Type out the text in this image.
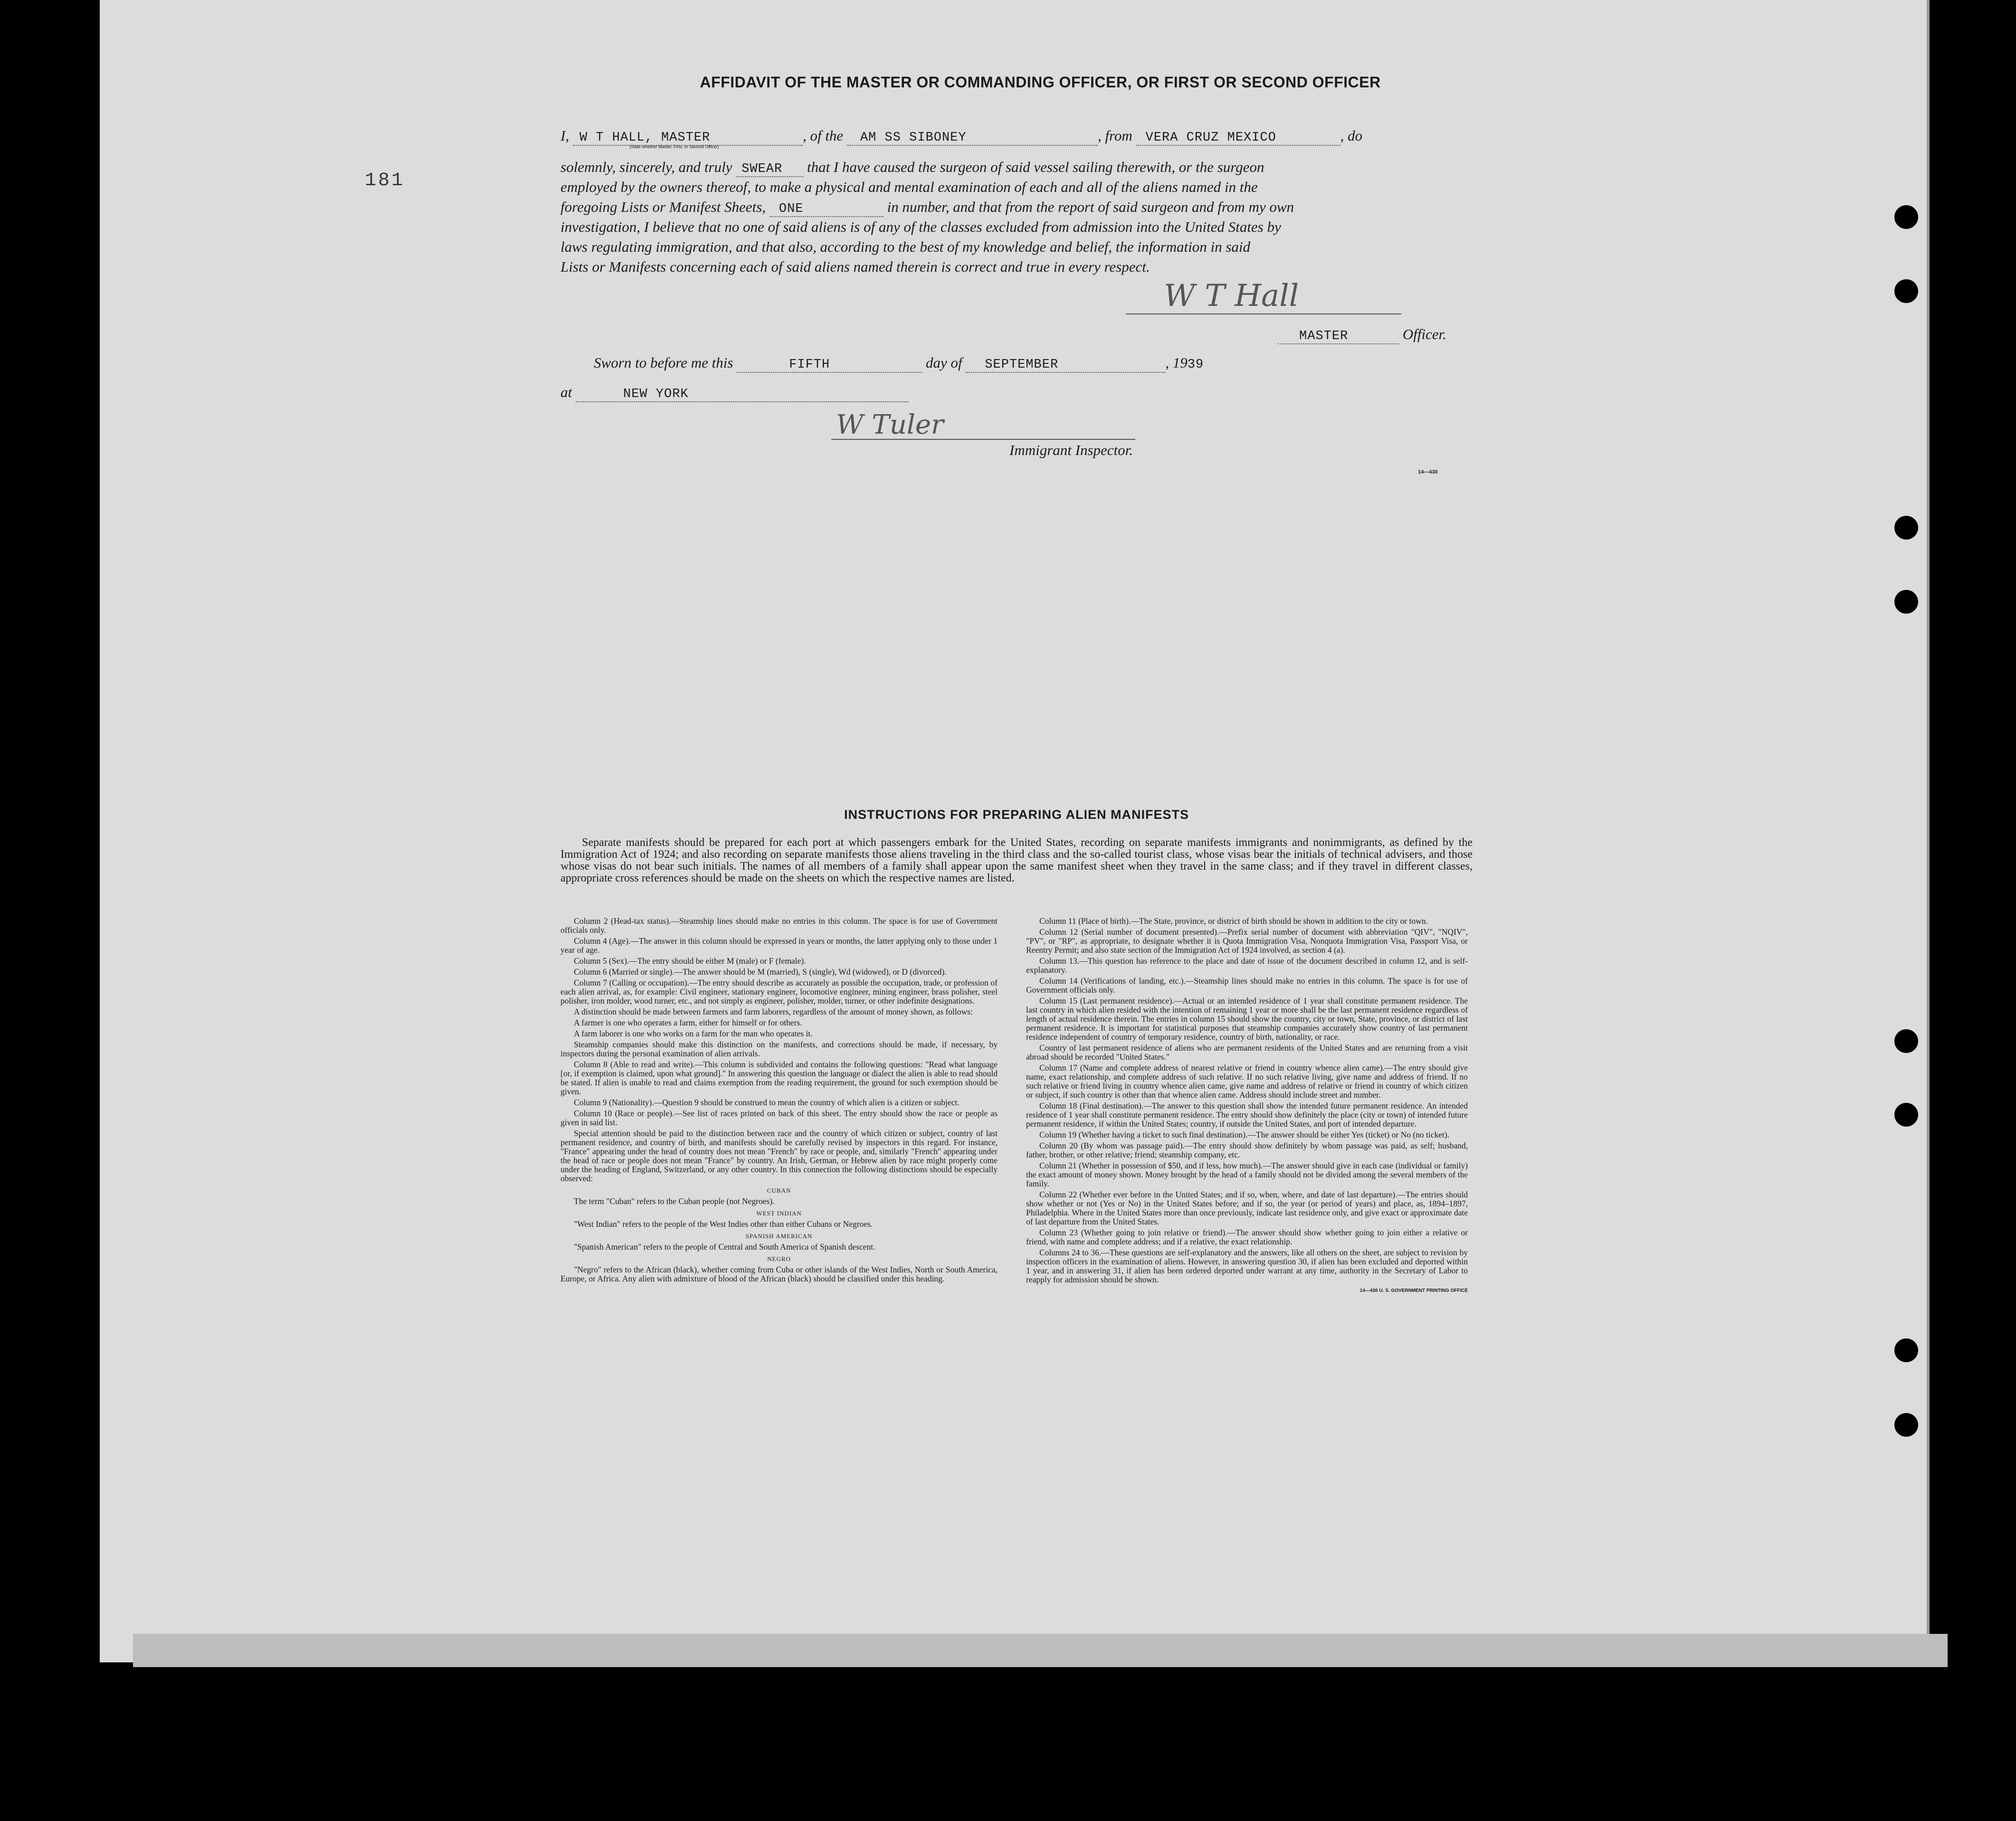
181
AFFIDAVIT OF THE MASTER OR COMMANDING OFFICER, OR FIRST OR SECOND OFFICER
I, W T HALL, MASTER	, of the AM SS SIBONEY	, from VERA CRUZ MEXICO	, do
(State whether Master, First, or Second Officer)
solemnly, sincerely, and truly SWEAR that I have caused the surgeon of said vessel sailing therewith, or the surgeon
employed by the owners thereof, to make a physical and mental examination of each and all of the aliens named in the
foregoing Lists or Manifest Sheets, ONE	in number, and that from the report of said surgeon and from my own
investigation, I believe that no one of said aliens is of any of the classes excluded from admission into the United States by
laws regulating immigration, and that also, according to the best of my knowledge and belief, the information in said
Lists or Manifests concerning each of said aliens named therein is correct and true in every respect.
W T Hall
MASTER	Officer.
Sworn to before me this	FIFTH	day of SEPTEMBER	, 1939
at	NEW YORK
W Tuler
Immigrant Inspector.
14—430
INSTRUCTIONS FOR PREPARING ALIEN MANIFESTS
Separate manifests should be prepared for each port at which passengers embark for the United States, recording on separate manifests immigrants and nonimmigrants, as defined by the Immigration Act of 1924; and also recording on separate manifests those aliens traveling in the third class and the so-called tourist class, whose visas bear the initials of technical advisers, and those whose visas do not bear such initials. The names of all members of a family shall appear upon the same manifest sheet when they travel in the same class; and if they travel in different classes, appropriate cross references should be made on the sheets on which the respective names are listed.

Column 2 (Head-tax status).—Steamship lines should make no entries in this column. The space is for use of Government officials only.

Column 4 (Age).—The answer in this column should be expressed in years or months, the latter applying only to those under 1 year of age.

Column 5 (Sex).—The entry should be either M (male) or F (female).

Column 6 (Married or single).—The answer should be M (married), S (single), Wd (widowed), or D (divorced).

Column 7 (Calling or occupation).—The entry should describe as accurately as possible the occupation, trade, or profession of each alien arrival, as, for example: Civil engineer, stationary engineer, locomotive engineer, mining engineer, brass polisher, steel polisher, iron molder, wood turner, etc., and not simply as engineer, polisher, molder, turner, or other indefinite designations.

A distinction should be made between farmers and farm laborers, regardless of the amount of money shown, as follows:

A farmer is one who operates a farm, either for himself or for others.

A farm laborer is one who works on a farm for the man who operates it.

Steamship companies should make this distinction on the manifests, and corrections should be made, if necessary, by inspectors during the personal examination of alien arrivals.

Column 8 (Able to read and write).—This column is subdivided and contains the following questions: "Read what language [or, if exemption is claimed, upon what ground]." In answering this question the language or dialect the alien is able to read should be stated. If alien is unable to read and claims exemption from the reading requirement, the ground for such exemption should be given.

Column 9 (Nationality).—Question 9 should be construed to mean the country of which alien is a citizen or subject.

Column 10 (Race or people).—See list of races printed on back of this sheet. The entry should show the race or people as given in said list.

Special attention should be paid to the distinction between race and the country of which citizen or subject, country of last permanent residence, and country of birth, and manifests should be carefully revised by inspectors in this regard. For instance, "France" appearing under the head of country does not mean "French" by race or people, and, similarly "French" appearing under the head of race or people does not mean "France" by country. An Irish, German, or Hebrew alien by race might properly come under the heading of England, Switzerland, or any other country. In this connection the following distinctions should be especially observed:

CUBAN

The term "Cuban" refers to the Cuban people (not Negroes).

WEST INDIAN

"West Indian" refers to the people of the West Indies other than either Cubans or Negroes.

SPANISH AMERICAN

"Spanish American" refers to the people of Central and South America of Spanish descent.

NEGRO

"Negro" refers to the African (black), whether coming from Cuba or other islands of the West Indies, North or South America, Europe, or Africa. Any alien with admixture of blood of the African (black) should be classified under this heading.

Column 11 (Place of birth).—The State, province, or district of birth should be shown in addition to the city or town.

Column 12 (Serial number of document presented).—Prefix serial number of document with abbreviation "QIV", "NQIV", "PV", or "RP", as appropriate, to designate whether it is Quota Immigration Visa, Nonquota Immigration Visa, Passport Visa, or Reentry Permit; and also state section of the Immigration Act of 1924 involved, as section 4 (a).

Column 13.—This question has reference to the place and date of issue of the document described in column 12, and is self-explanatory.

Column 14 (Verifications of landing, etc.).—Steamship lines should make no entries in this column. The space is for use of Government officials only.

Column 15 (Last permanent residence).—Actual or an intended residence of 1 year shall constitute permanent residence. The last country in which alien resided with the intention of remaining 1 year or more shall be the last permanent residence regardless of length of actual residence therein. The entries in column 15 should show the country, city or town, State, province, or district of last permanent residence. It is important for statistical purposes that steamship companies accurately show country of last permanent residence independent of country of temporary residence, country of birth, nationality, or race.

Country of last permanent residence of aliens who are permanent residents of the United States and are returning from a visit abroad should be recorded "United States."

Column 17 (Name and complete address of nearest relative or friend in country whence alien came).—The entry should give name, exact relationship, and complete address of such relative. If no such relative living, give name and address of friend. If no such relative or friend living in country whence alien came, give name and address of relative or friend in country of which citizen or subject, if such country is other than that whence alien came. Address should include street and number.

Column 18 (Final destination).—The answer to this question shall show the intended future permanent residence. An intended residence of 1 year shall constitute permanent residence. The entry should show definitely the place (city or town) of intended future permanent residence, if within the United States; country, if outside the United States, and port of intended departure.

Column 19 (Whether having a ticket to such final destination).—The answer should be either Yes (ticket) or No (no ticket).

Column 20 (By whom was passage paid).—The entry should show definitely by whom passage was paid, as self; husband, father, brother, or other relative; friend; steamship company, etc.

Column 21 (Whether in possession of $50, and if less, how much).—The answer should give in each case (individual or family) the exact amount of money shown. Money brought by the head of a family should not be divided among the several members of the family.

Column 22 (Whether ever before in the United States; and if so, when, where, and date of last departure).—The entries should show whether or not (Yes or No) in the United States before; and if so, the year (or period of years) and place, as, 1894–1897, Philadelphia. Where in the United States more than once previously, indicate last residence only, and give exact or approximate date of last departure from the United States.

Column 23 (Whether going to join relative or friend).—The answer should show whether going to join either a relative or friend, with name and complete address; and if a relative, the exact relationship.

Columns 24 to 36.—These questions are self-explanatory and the answers, like all others on the sheet, are subject to revision by inspection officers in the examination of aliens. However, in answering question 30, if alien has been excluded and deported within 1 year, and in answering 31, if alien has been ordered deported under warrant at any time, authority in the Secretary of Labor to reapply for admission should be shown.

14—430 U. S. GOVERNMENT PRINTING OFFICE
